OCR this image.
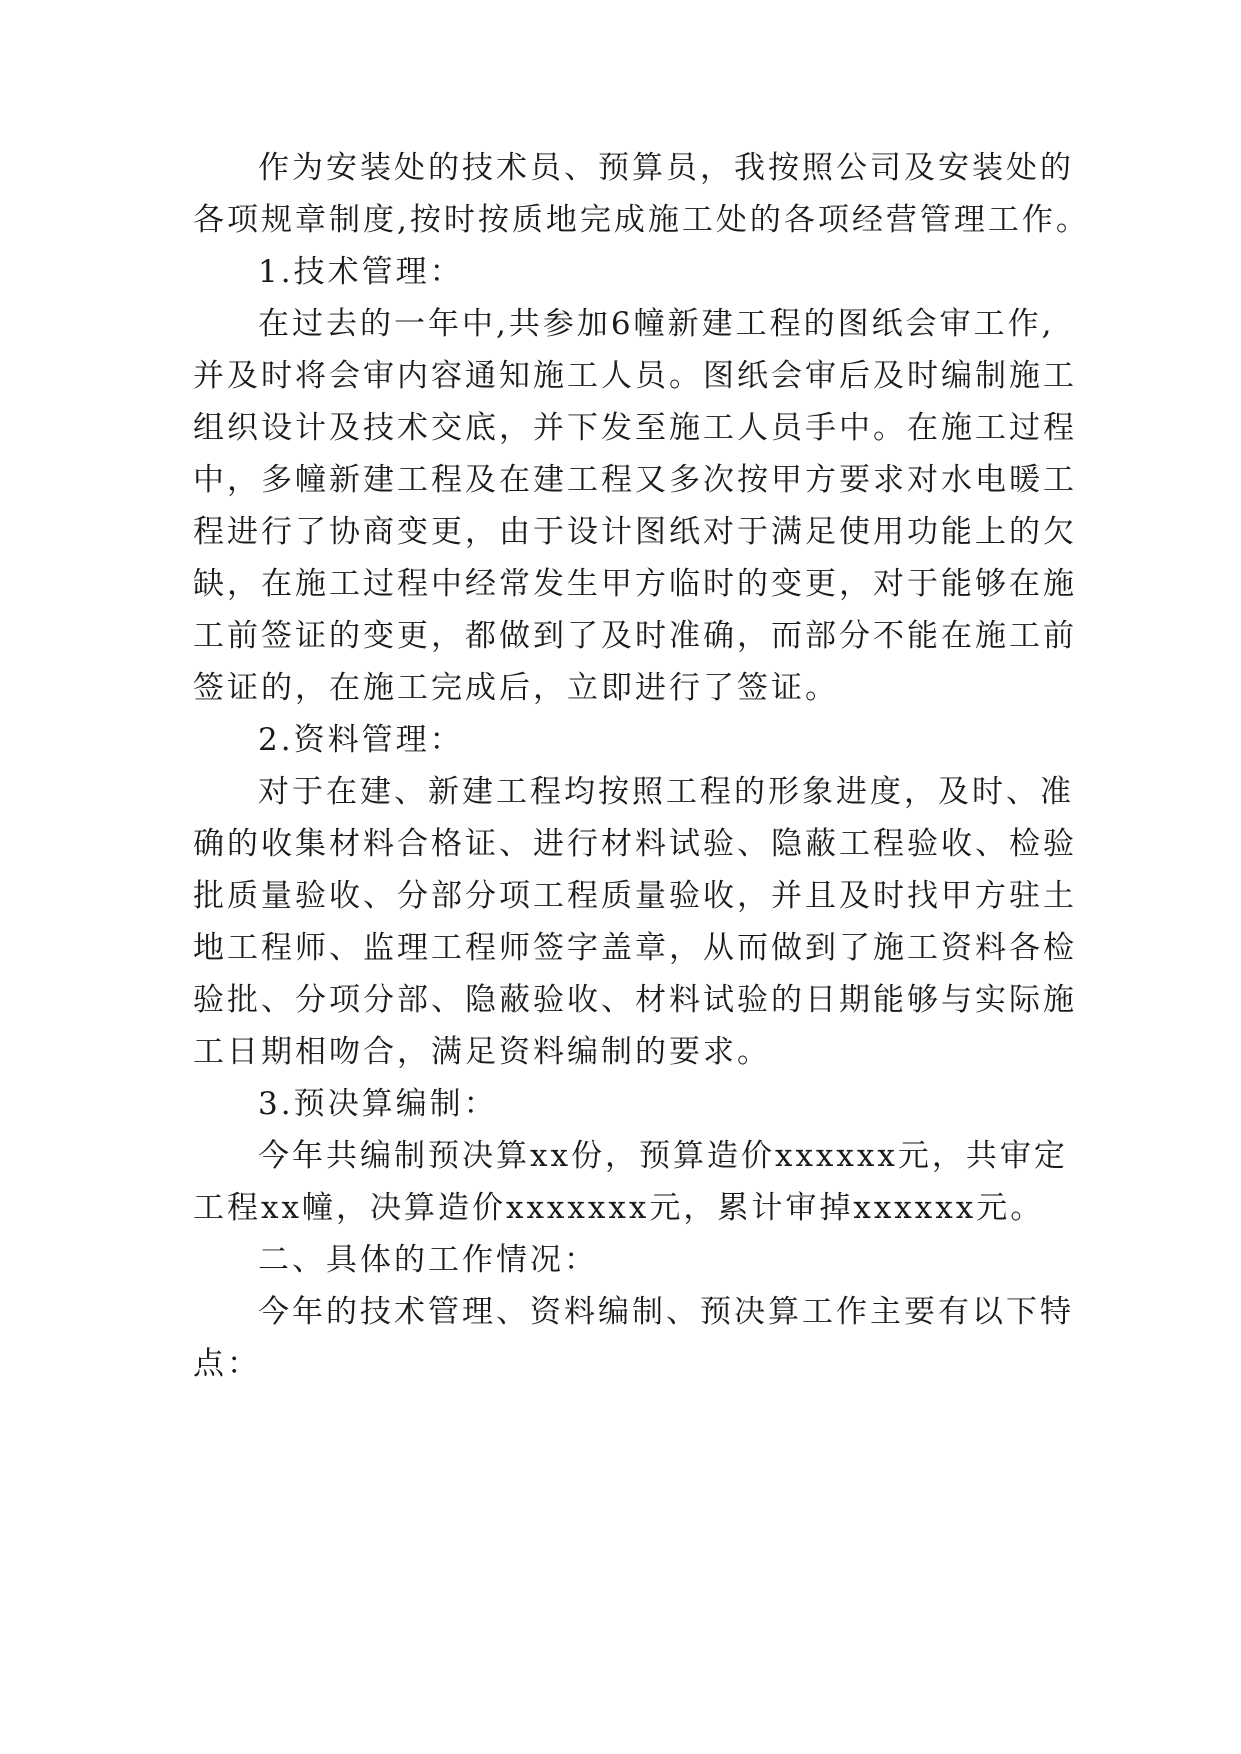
作为安装处的技术员、预算员，我按照公司及安装处的
各项规章制度,按时按质地完成施工处的各项经营管理工作。
1.技术管理：
在过去的一年中,共参加6幢新建工程的图纸会审工作,
并及时将会审内容通知施工人员。图纸会审后及时编制施工
组织设计及技术交底，并下发至施工人员手中。在施工过程
中，多幢新建工程及在建工程又多次按甲方要求对水电暖工
程进行了协商变更，由于设计图纸对于满足使用功能上的欠
缺，在施工过程中经常发生甲方临时的变更，对于能够在施
工前签证的变更，都做到了及时准确，而部分不能在施工前
签证的，在施工完成后，立即进行了签证。
2.资料管理：
对于在建、新建工程均按照工程的形象进度，及时、准
确的收集材料合格证、进行材料试验、隐蔽工程验收、检验
批质量验收、分部分项工程质量验收，并且及时找甲方驻土
地工程师、监理工程师签字盖章，从而做到了施工资料各检
验批、分项分部、隐蔽验收、材料试验的日期能够与实际施
工日期相吻合，满足资料编制的要求。
3.预决算编制：
今年共编制预决算xx份，预算造价xxxxxx元，共审定
工程xx幢，决算造价xxxxxxx元，累计审掉xxxxxx元。
二、具体的工作情况：
今年的技术管理、资料编制、预决算工作主要有以下特
点：
